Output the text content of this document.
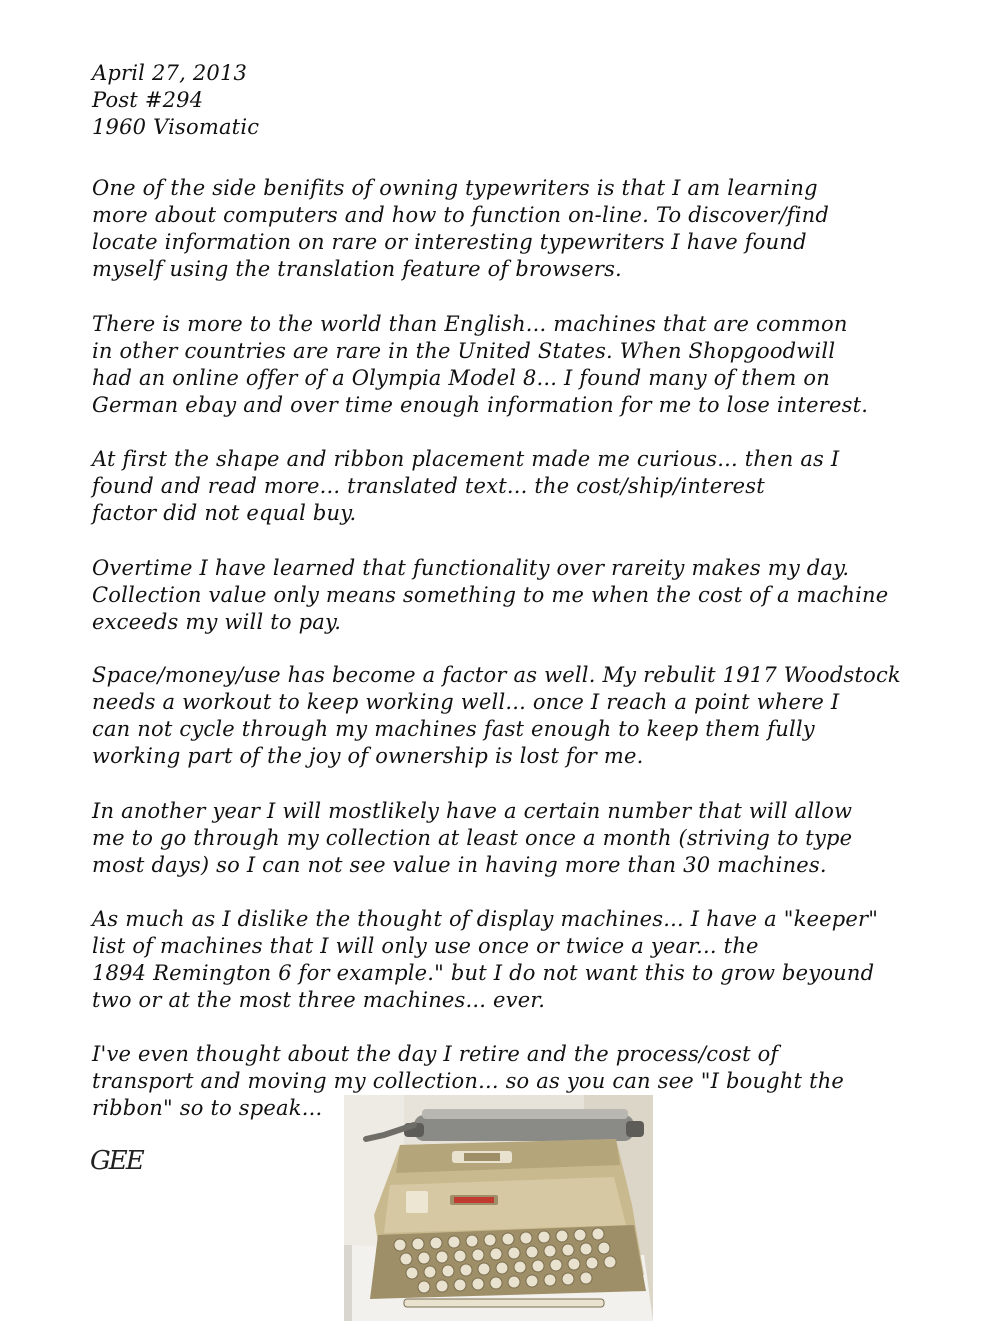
April 27, 2013
Post #294
1960 Visomatic
One of the side benifits of owning typewriters is that I am learning
more about computers and how to function on-line. To discover/find
locate information on rare or interesting typewriters I have found
myself using the translation feature of browsers.
There is more to the world than English... machines that are common
in other countries are rare in the United States. When Shopgoodwill
had an online offer of a Olympia Model 8... I found many of them on
German ebay and over time enough information for me to lose interest.
At first the shape and ribbon placement made me curious... then as I
found and read more... translated text... the cost/ship/interest
factor did not equal buy.
Overtime I have learned that functionality over rareity makes my day.
Collection value only means something to me when the cost of a machine
exceeds my will to pay.
Space/money/use has become a factor as well. My rebulit 1917 Woodstock
needs a workout to keep working well... once I reach a point where I
can not cycle through my machines fast enough to keep them fully
working part of the joy of ownership is lost for me.
In another year I will mostlikely have a certain number that will allow
me to go through my collection at least once a month (striving to type
most days) so I can not see value in having more than 30 machines.
As much as I dislike the thought of display machines... I have a "keeper"
list of machines that I will only use once or twice a year... the
1894 Remington 6 for example." but I do not want this to grow beyound
two or at the most three machines... ever.
I've even thought about the day I retire and the process/cost of
transport and moving my collection... so as you can see "I bought the
ribbon" so to speak...
GEE
